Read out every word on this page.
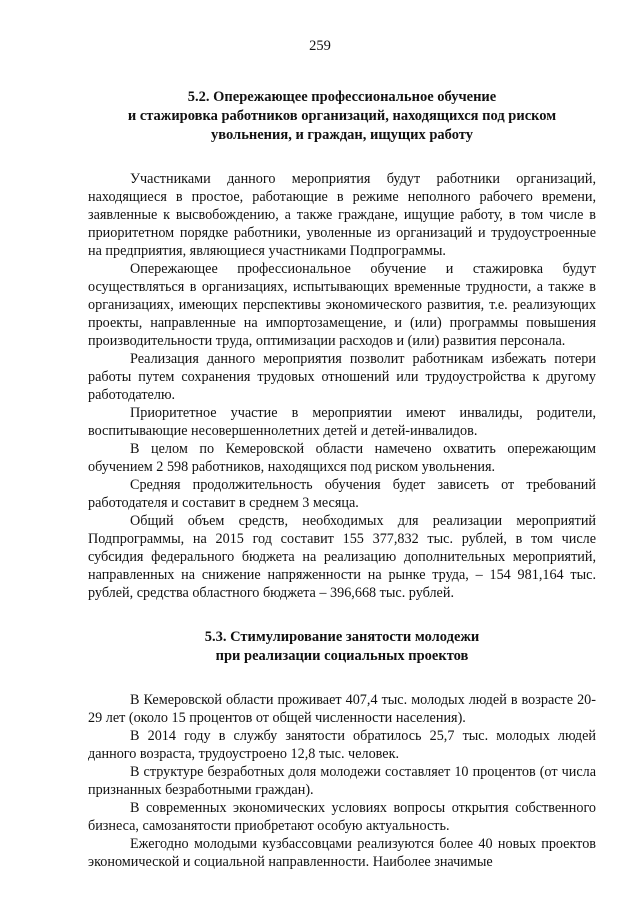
259
5.2. Опережающее профессиональное обучение
и стажировка работников организаций, находящихся под риском
увольнения, и граждан, ищущих работу

Участниками данного мероприятия будут работники организаций, находящиеся в простое, работающие в режиме неполного рабочего времени, заявленные к высвобождению, а также граждане, ищущие работу, в том числе в приоритетном порядке работники, уволенные из организаций и трудоустроенные на предприятия, являющиеся участниками Подпрограммы.

Опережающее профессиональное обучение и стажировка будут осуществляться в организациях, испытывающих временные трудности, а также в организациях, имеющих перспективы экономического развития, т.е. реализующих проекты, направленные на импортозамещение, и (или) программы повышения производительности труда, оптимизации расходов и (или) развития персонала.

Реализация данного мероприятия позволит работникам избежать потери работы путем сохранения трудовых отношений или трудоустройства к другому работодателю.

Приоритетное участие в мероприятии имеют инвалиды, родители, воспитывающие несовершеннолетних детей и детей-инвалидов.

В целом по Кемеровской области намечено охватить опережающим обучением 2 598 работников, находящихся под риском увольнения.

Средняя продолжительность обучения будет зависеть от требований работодателя и составит в среднем 3 месяца.

Общий объем средств, необходимых для реализации мероприятий Подпрограммы, на 2015 год составит 155 377,832 тыс. рублей, в том числе субсидия федерального бюджета на реализацию дополнительных мероприятий, направленных на снижение напряженности на рынке труда, – 154 981,164 тыс. рублей, средства областного бюджета – 396,668 тыс. рублей.

5.3. Стимулирование занятости молодежи
при реализации социальных проектов

В Кемеровской области проживает 407,4 тыс. молодых людей в возрасте 20-29 лет (около 15 процентов от общей численности населения).

В 2014 году в службу занятости обратилось 25,7 тыс. молодых людей данного возраста, трудоустроено 12,8 тыс. человек.

В структуре безработных доля молодежи составляет 10 процентов (от числа признанных безработными граждан).

В современных экономических условиях вопросы открытия собственного бизнеса, самозанятости приобретают особую актуальность.

Ежегодно молодыми кузбассовцами реализуются более 40 новых проектов экономической и социальной направленности. Наиболее значимые
